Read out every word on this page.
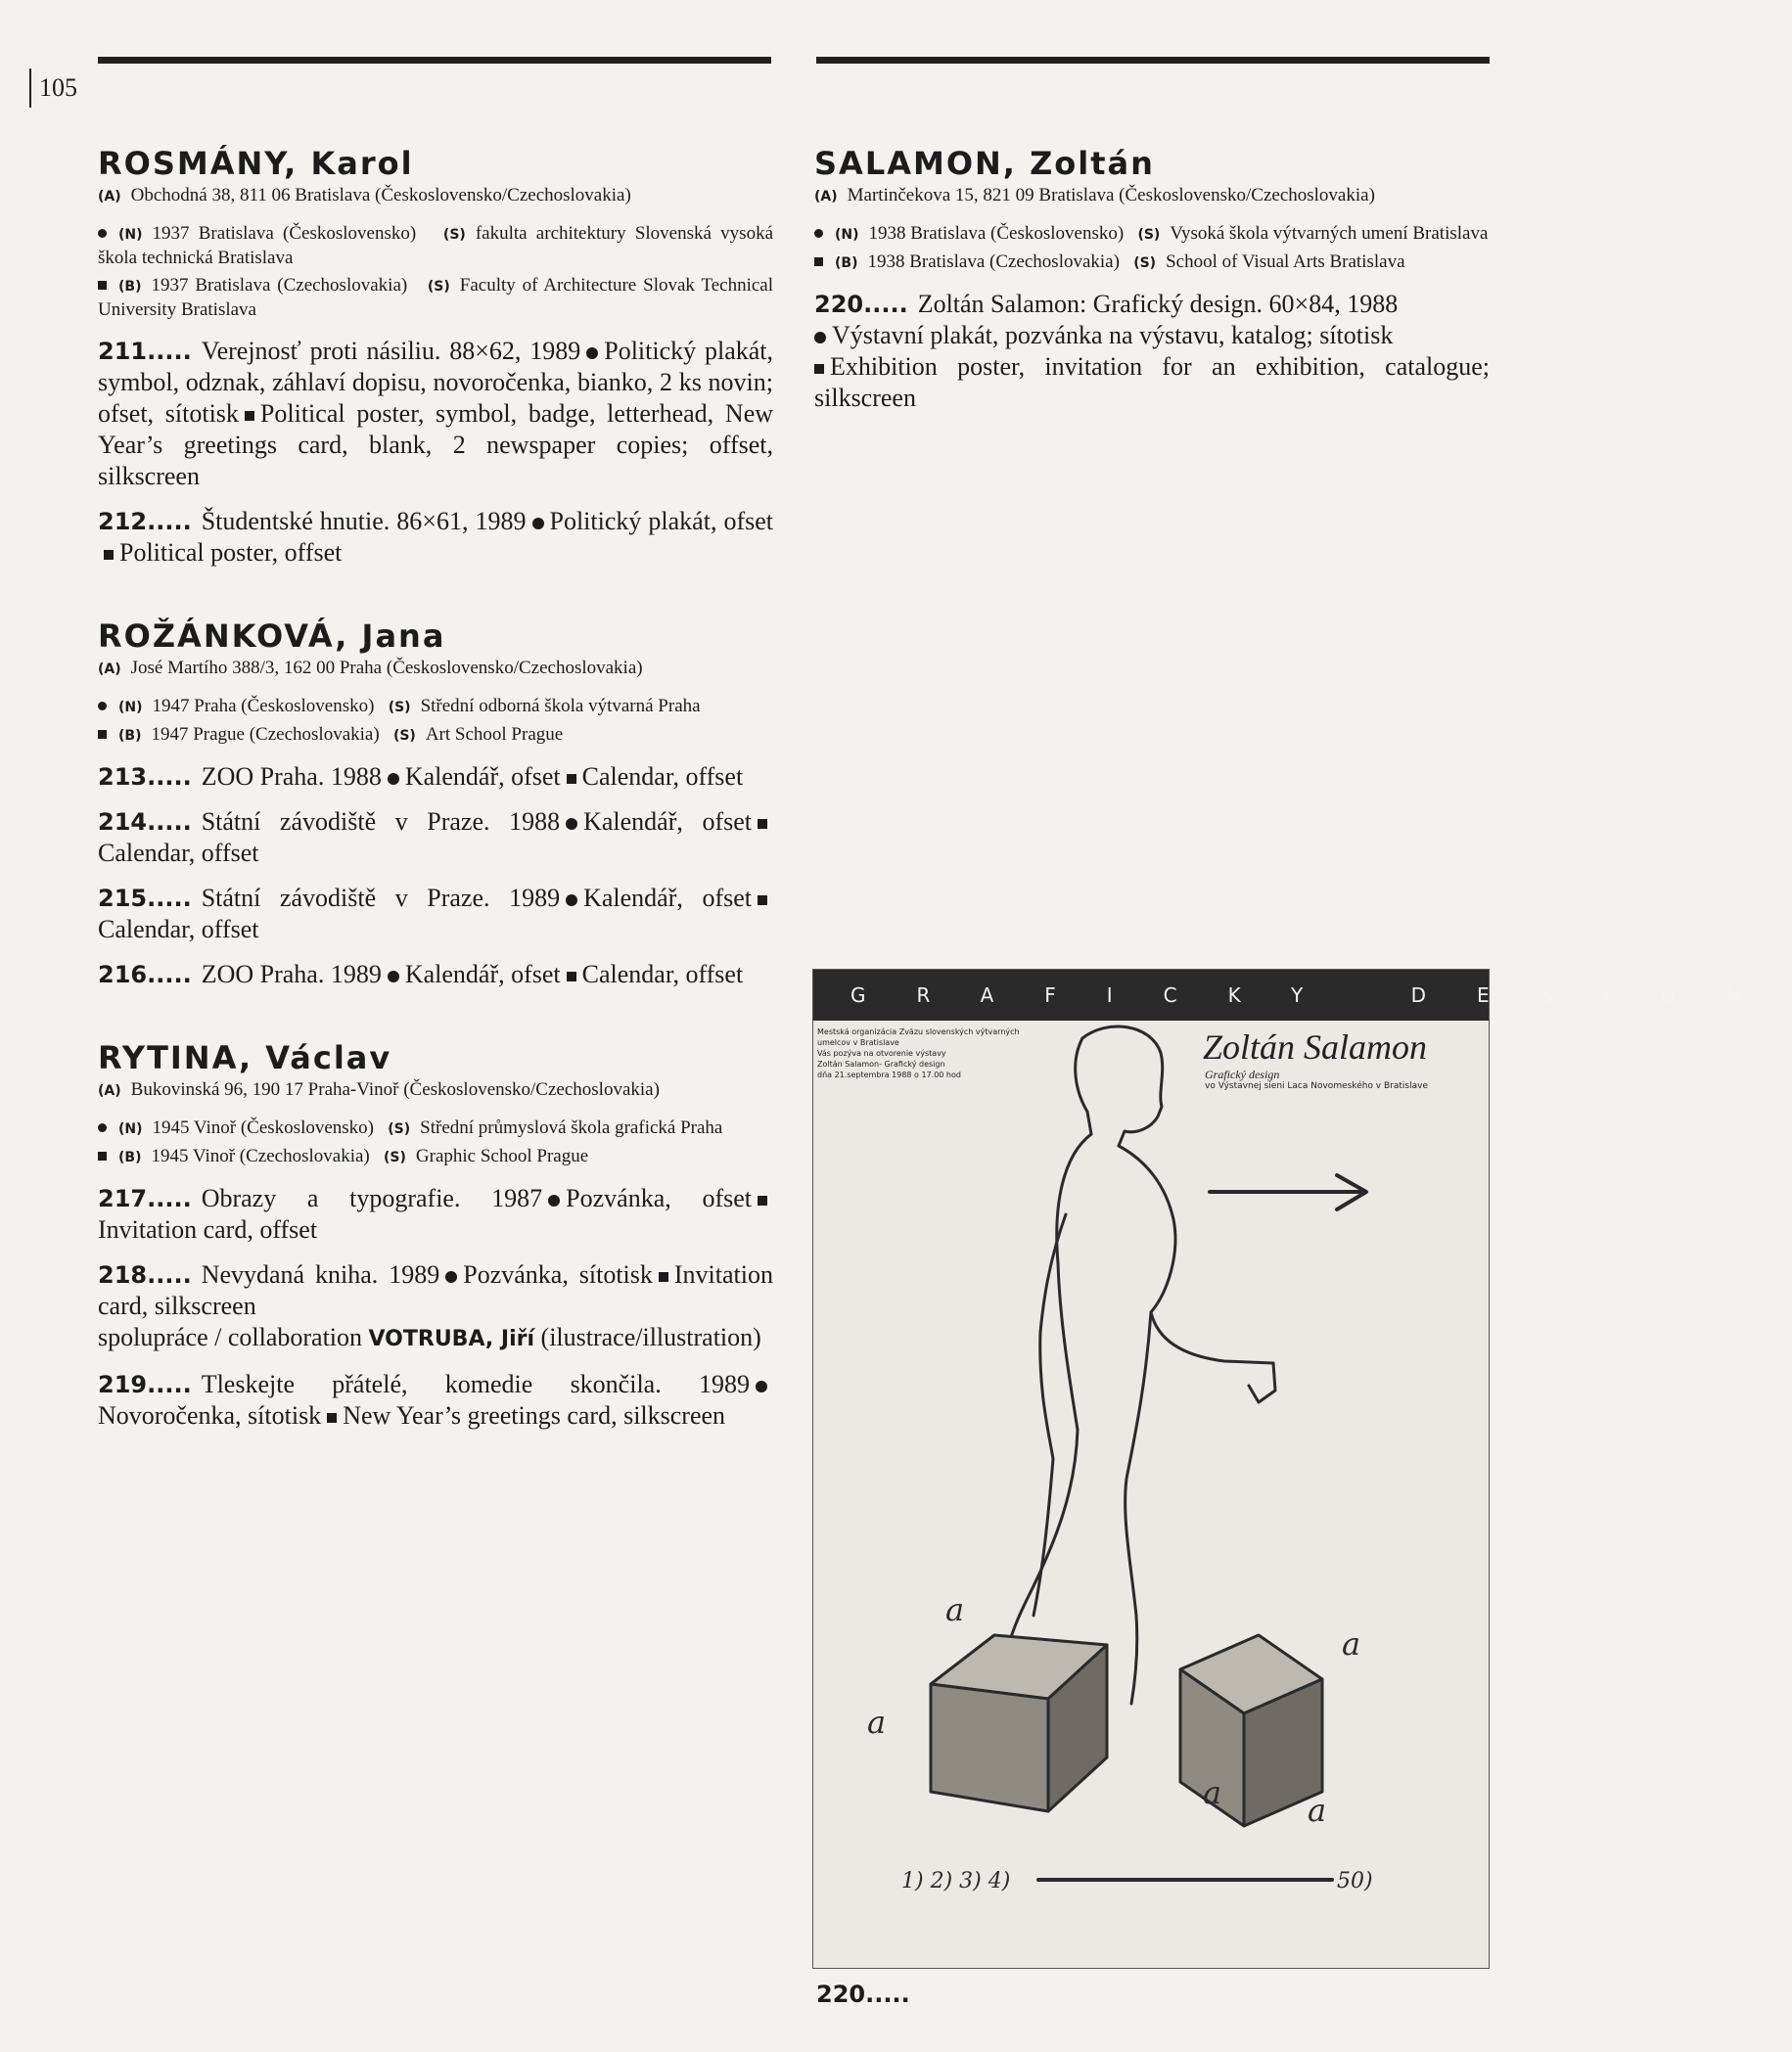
105
ROSMÁNY, Karol

(A) Obchodná 38, 811 06 Bratislava (Československo/Czechoslovakia)

(N) 1937 Bratislava (Československo) (S) fakulta architektury Slovenská vysoká škola technická Bratislava

(B) 1937 Bratislava (Czechoslovakia) (S) Faculty of Architecture Slovak Technical University Bratislava

211..... Verejnosť proti násiliu. 88×62, 1989 Politický plakát, symbol, odznak, záhlaví dopisu, novoročenka, bianko, 2 ks novin; ofset, sítotisk Political poster, symbol, badge, letterhead, New Year’s greetings card, blank, 2 newspaper copies; offset, silkscreen

212..... Študentské hnutie. 86×61, 1989 Politický plakát, ofsetPolitical poster, offset

ROŽÁNKOVÁ, Jana

(A) José Martího 388/3, 162 00 Praha (Československo/Czechoslovakia)

(N) 1947 Praha (Československo) (S) Střední odborná škola výtvarná Praha

(B) 1947 Prague (Czechoslovakia) (S) Art School Prague

213..... ZOO Praha. 1988 Kalendář, ofset Calendar, offset

214..... Státní závodiště v Praze. 1988 Kalendář, ofsetCalendar, offset

215..... Státní závodiště v Praze. 1989 Kalendář, ofsetCalendar, offset

216..... ZOO Praha. 1989 Kalendář, ofset Calendar, offset

RYTINA, Václav

(A) Bukovinská 96, 190 17 Praha-Vinoř (Československo/Czechoslovakia)

(N) 1945 Vinoř (Československo) (S) Střední průmyslová škola grafická Praha

(B) 1945 Vinoř (Czechoslovakia) (S) Graphic School Prague

217..... Obrazy a typografie. 1987 Pozvánka, ofsetInvitation card, offset

218..... Nevydaná kniha. 1989 Pozvánka, sítotisk Invitation card, silkscreen
spolupráce / collaboration VOTRUBA, Jiří (ilustrace/illustration)

219..... Tleskejte přátelé, komedie skončila. 1989Novoročenka, sítotisk New Year’s greetings card, silkscreen

SALAMON, Zoltán

(A) Martinčekova 15, 821 09 Bratislava (Československo/Czechoslovakia)

(N) 1938 Bratislava (Československo) (S) Vysoká škola výtvarných umení Bratislava

(B) 1938 Bratislava (Czechoslovakia) (S) School of Visual Arts Bratislava

220..... Zoltán Salamon: Grafický design. 60×84, 1988
Výstavní plakát, pozvánka na výstavu, katalog; sítotisk
Exhibition poster, invitation for an exhibition, catalogue; silkscreen

GRAFICKY DESIGN
Mestská organizácia Zväzu slovenských výtvarných
umelcov v Bratislave
Vás pozýva na otvorenie výstavy
Zoltán Salamon- Grafický design
dňa 21.septembra 1988 o 17.00 hod
Zoltán Salamon
Grafický design
vo Výstavnej sieni Laca Novomeského v Bratislave
a
a
a
a	a
1) 2) 3) 4)	50)
220.....
